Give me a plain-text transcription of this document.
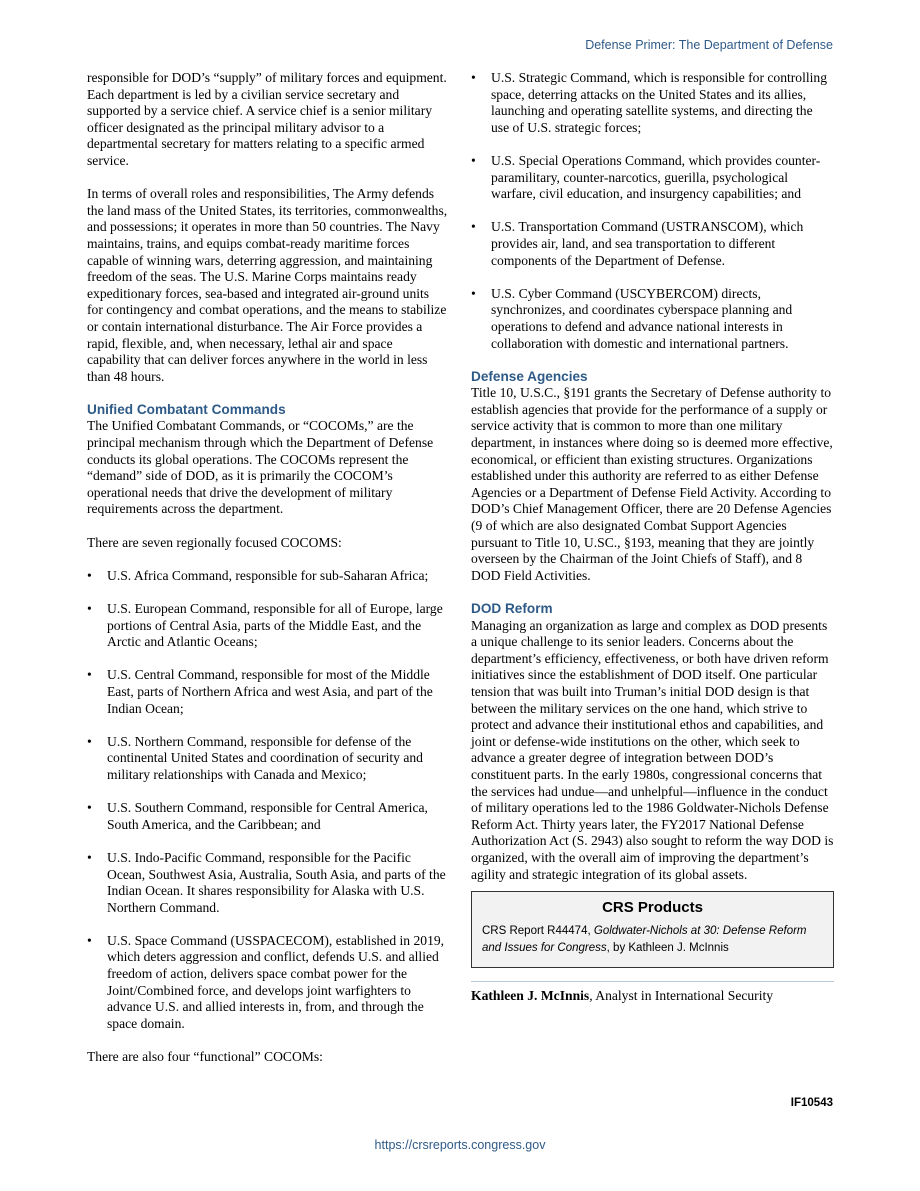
Defense Primer: The Department of Defense

responsible for DOD’s “supply” of military forces and equipment. Each department is led by a civilian service secretary and supported by a service chief. A service chief is a senior military officer designated as the principal military advisor to a departmental secretary for matters relating to a specific armed service.

In terms of overall roles and responsibilities, The Army defends the land mass of the United States, its territories, commonwealths, and possessions; it operates in more than 50 countries. The Navy maintains, trains, and equips combat-ready maritime forces capable of winning wars, deterring aggression, and maintaining freedom of the seas. The U.S. Marine Corps maintains ready expeditionary forces, sea-based and integrated air-ground units for contingency and combat operations, and the means to stabilize or contain international disturbance. The Air Force provides a rapid, flexible, and, when necessary, lethal air and space capability that can deliver forces anywhere in the world in less than 48 hours.

Unified Combatant Commands

The Unified Combatant Commands, or “COCOMs,” are the principal mechanism through which the Department of Defense conducts its global operations. The COCOMs represent the “demand” side of DOD, as it is primarily the COCOM’s operational needs that drive the development of military requirements across the department.

There are seven regionally focused COCOMS:

• U.S. Africa Command, responsible for sub-Saharan Africa;
• U.S. European Command, responsible for all of Europe, large portions of Central Asia, parts of the Middle East, and the Arctic and Atlantic Oceans;
• U.S. Central Command, responsible for most of the Middle East, parts of Northern Africa and west Asia, and part of the Indian Ocean;
• U.S. Northern Command, responsible for defense of the continental United States and coordination of security and military relationships with Canada and Mexico;
• U.S. Southern Command, responsible for Central America, South America, and the Caribbean; and
• U.S. Indo-Pacific Command, responsible for the Pacific Ocean, Southwest Asia, Australia, South Asia, and parts of the Indian Ocean. It shares responsibility for Alaska with U.S. Northern Command.
• U.S. Space Command (USSPACECOM), established in 2019, which deters aggression and conflict, defends U.S. and allied freedom of action, delivers space combat power for the Joint/Combined force, and develops joint warfighters to advance U.S. and allied interests in, from, and through the space domain.

There are also four “functional” COCOMs:

• U.S. Strategic Command, which is responsible for controlling space, deterring attacks on the United States and its allies, launching and operating satellite systems, and directing the use of U.S. strategic forces;
• U.S. Special Operations Command, which provides counter-paramilitary, counter-narcotics, guerilla, psychological warfare, civil education, and insurgency capabilities; and
• U.S. Transportation Command (USTRANSCOM), which provides air, land, and sea transportation to different components of the Department of Defense.
• U.S. Cyber Command (USCYBERCOM) directs, synchronizes, and coordinates cyberspace planning and operations to defend and advance national interests in collaboration with domestic and international partners.
Defense Agencies

Title 10, U.S.C., §191 grants the Secretary of Defense authority to establish agencies that provide for the performance of a supply or service activity that is common to more than one military department, in instances where doing so is deemed more effective, economical, or efficient than existing structures. Organizations established under this authority are referred to as either Defense Agencies or a Department of Defense Field Activity. According to DOD’s Chief Management Officer, there are 20 Defense Agencies (9 of which are also designated Combat Support Agencies pursuant to Title 10, U.SC., §193, meaning that they are jointly overseen by the Chairman of the Joint Chiefs of Staff), and 8 DOD Field Activities.

DOD Reform

Managing an organization as large and complex as DOD presents a unique challenge to its senior leaders. Concerns about the department’s efficiency, effectiveness, or both have driven reform initiatives since the establishment of DOD itself. One particular tension that was built into Truman’s initial DOD design is that between the military services on the one hand, which strive to protect and advance their institutional ethos and capabilities, and joint or defense-wide institutions on the other, which seek to advance a greater degree of integration between DOD’s constituent parts. In the early 1980s, congressional concerns that the services had undue—and unhelpful—influence in the conduct of military operations led to the 1986 Goldwater-Nichols Defense Reform Act. Thirty years later, the FY2017 National Defense Authorization Act (S. 2943) also sought to reform the way DOD is organized, with the overall aim of improving the department’s agility and strategic integration of its global assets.

CRS Products
CRS Report R44474, Goldwater-Nichols at 30: Defense Reform and Issues for Congress, by Kathleen J. McInnis
Kathleen J. McInnis, Analyst in International Security
IF10543
https://crsreports.congress.gov
